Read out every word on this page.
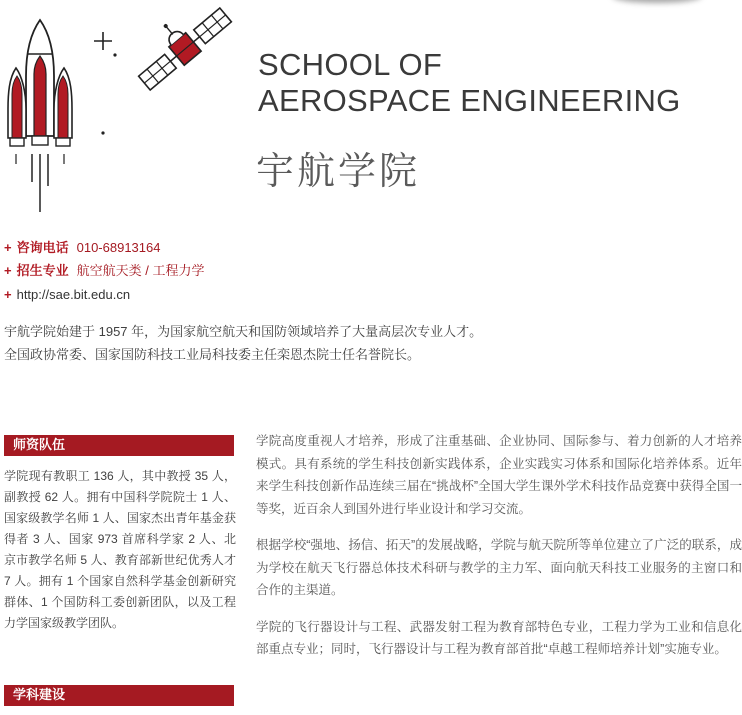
SCHOOL OF
AEROSPACE ENGINEERING
宇航学院
+ 咨询电话 010-68913164
+ 招生专业 航空航天类 / 工程力学
+ http://sae.bit.edu.cn
宇航学院始建于 1957 年，为国家航空航天和国防领域培养了大量高层次专业人才。全国政协常委、国家国防科技工业局科技委主任栾恩杰院士任名誉院长。
师资队伍
学院现有教职工 136 人，其中教授 35 人，副教授 62 人。拥有中国科学院院士 1 人、国家级教学名师 1 人、国家杰出青年基金获得者 3 人、国家 973 首席科学家 2 人、北京市教学名师 5 人、教育部新世纪优秀人才 7 人。拥有 1 个国家自然科学基金创新研究群体、1 个国防科工委创新团队，以及工程力学国家级教学团队。
学科建设

学院高度重视人才培养，形成了注重基础、企业协同、国际参与、着力创新的人才培养模式。具有系统的学生科技创新实践体系，企业实践实习体系和国际化培养体系。近年来学生科技创新作品连续三届在“挑战杯”全国大学生课外学术科技作品竞赛中获得全国一等奖，近百余人到国外进行毕业设计和学习交流。

根据学校“强地、扬信、拓天”的发展战略，学院与航天院所等单位建立了广泛的联系，成为学校在航天飞行器总体技术科研与教学的主力军、面向航天科技工业服务的主窗口和合作的主渠道。

学院的飞行器设计与工程、武器发射工程为教育部特色专业，工程力学为工业和信息化部重点专业；同时，飞行器设计与工程为教育部首批“卓越工程师培养计划”实施专业。
